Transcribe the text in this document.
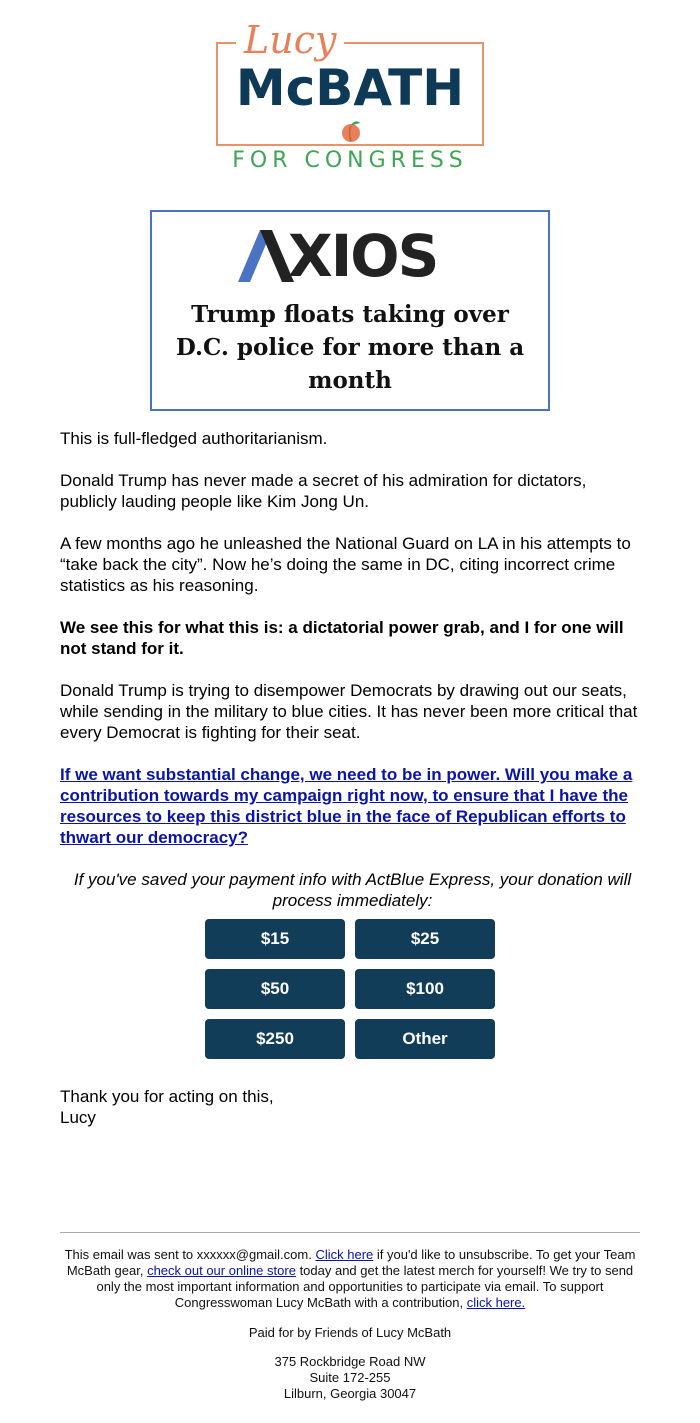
Lucy
McBATH
FOR CONGRESS
XIOS
Trump floats taking over D.C. police for more than a month

This is full-fledged authoritarianism.

Donald Trump has never made a secret of his admiration for dictators, publicly lauding people like Kim Jong Un.

A few months ago he unleashed the National Guard on LA in his attempts to “take back the city”. Now he’s doing the same in DC, citing incorrect crime statistics as his reasoning.

We see this for what this is: a dictatorial power grab, and I for one will not stand for it.

Donald Trump is trying to disempower Democrats by drawing out our seats, while sending in the military to blue cities. It has never been more critical that every Democrat is fighting for their seat.

If we want substantial change, we need to be in power. Will you make a contribution towards my campaign right now, to ensure that I have the resources to keep this district blue in the face of Republican efforts to thwart our democracy?

If you've saved your payment info with ActBlue Express, your donation will process immediately:

$15	$25
$50	$100
$250	Other
Thank you for acting on this,
Lucy

This email was sent to xxxxxx@gmail.com. Click here if you'd like to unsubscribe. To get your Team McBath gear, check out our online store today and get the latest merch for yourself! We try to send only the most important information and opportunities to participate via email. To support Congresswoman Lucy McBath with a contribution, click here.

Paid for by Friends of Lucy McBath

375 Rockbridge Road NW
Suite 172-255
Lilburn, Georgia 30047
